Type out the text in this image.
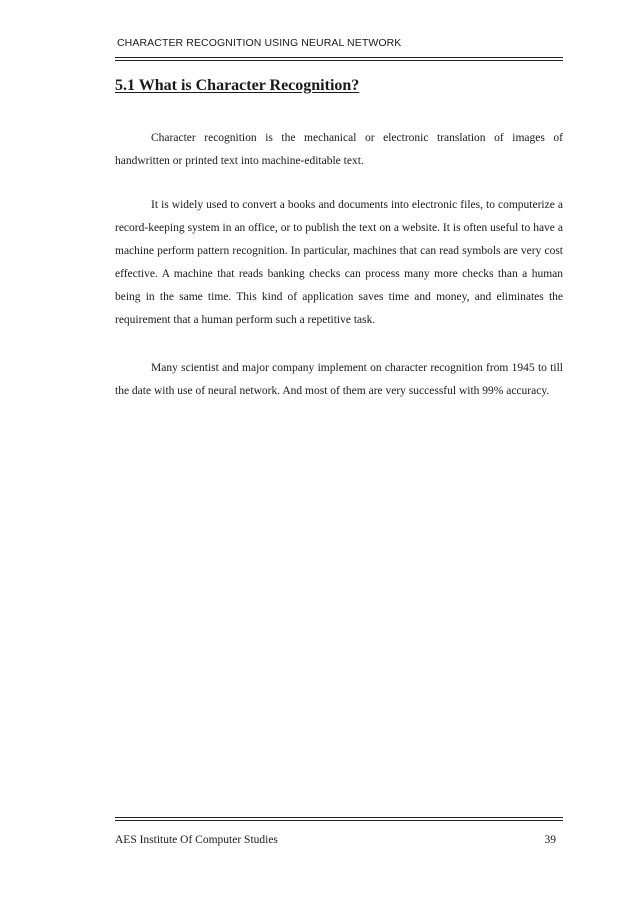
CHARACTER RECOGNITION USING NEURAL NETWORK
5.1 What is Character Recognition?

Character recognition is the mechanical or electronic translation of images of handwritten or printed text into machine-editable text.

It is widely used to convert a books and documents into electronic files, to computerize a record-keeping system in an office, or to publish the text on a website. It is often useful to have a machine perform pattern recognition. In particular, machines that can read symbols are very cost effective. A machine that reads banking checks can process many more checks than a human being in the same time. This kind of application saves time and money, and eliminates the requirement that a human perform such a repetitive task.

Many scientist and major company implement on character recognition from 1945 to till the date with use of neural network. And most of them are very successful with 99% accuracy.

AES Institute Of Computer Studies	39
